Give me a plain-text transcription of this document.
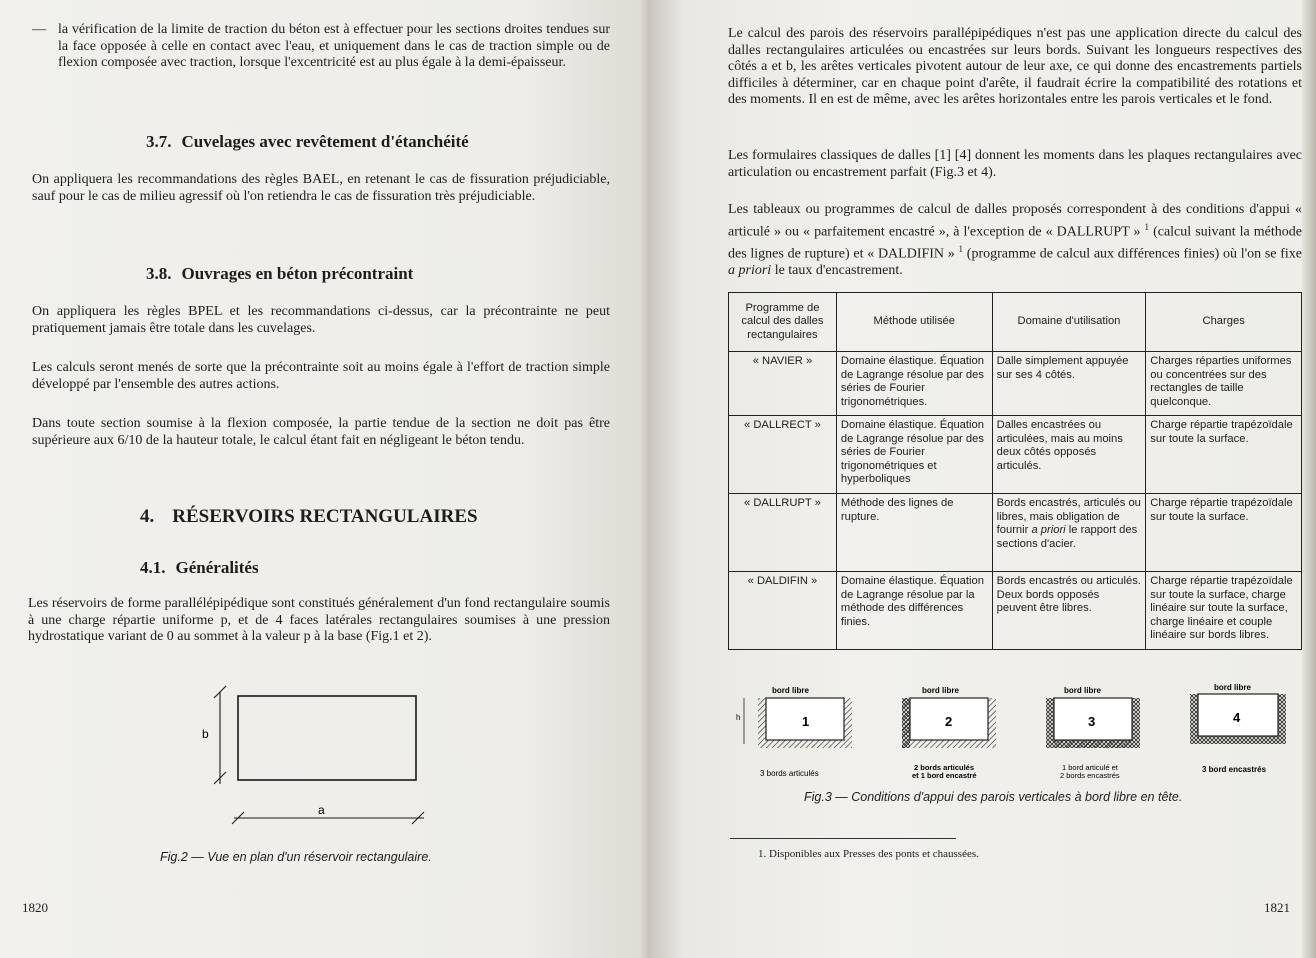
— la vérification de la limite de traction du béton est à effectuer pour les sections droites tendues sur la face opposée à celle en contact avec l'eau, et uniquement dans le cas de traction simple ou de flexion composée avec traction, lorsque l'excentricité est au plus égale à la demi-épaisseur.

3.7. Cuvelages avec revêtement d'étanchéité

On appliquera les recommandations des règles BAEL, en retenant le cas de fissuration préjudiciable, sauf pour le cas de milieu agressif où l'on retiendra le cas de fissuration très préjudiciable.

3.8. Ouvrages en béton précontraint

On appliquera les règles BPEL et les recommandations ci-dessus, car la précontrainte ne peut pratiquement jamais être totale dans les cuvelages.

Les calculs seront menés de sorte que la précontrainte soit au moins égale à l'effort de traction simple développé par l'ensemble des autres actions.

Dans toute section soumise à la flexion composée, la partie tendue de la section ne doit pas être supérieure aux 6/10 de la hauteur totale, le calcul étant fait en négligeant le béton tendu.

4. RÉSERVOIRS RECTANGULAIRES
4.1. Généralités

Les réservoirs de forme parallélépipédique sont constitués généralement d'un fond rectangulaire soumis à une charge répartie uniforme p, et de 4 faces latérales rectangulaires soumises à une pression hydrostatique variant de 0 au sommet à la valeur p à la base (Fig.1 et 2).

b
a
Fig.2 — Vue en plan d'un réservoir rectangulaire.
1820

Le calcul des parois des réservoirs parallépipédiques n'est pas une application directe du calcul des dalles rectangulaires articulées ou encastrées sur leurs bords. Suivant les longueurs respectives des côtés a et b, les arêtes verticales pivotent autour de leur axe, ce qui donne des encastrements partiels difficiles à déterminer, car en chaque point d'arête, il faudrait écrire la compatibilité des rotations et des moments. Il en est de même, avec les arêtes horizontales entre les parois verticales et le fond.

Les formulaires classiques de dalles [1] [4] donnent les moments dans les plaques rectangulaires avec articulation ou encastrement parfait (Fig.3 et 4).

Les tableaux ou programmes de calcul de dalles proposés correspondent à des conditions d'appui « articulé » ou « parfaitement encastré », à l'exception de « DALLRUPT » $^1$ (calcul suivant la méthode des lignes de rupture) et « DALDIFIN » $^1$ (programme de calcul aux différences finies) où l'on se fixe a priori le taux d'encastrement.

Programme de calcul des dalles rectangulaires	Méthode utilisée	Domaine d'utilisation	Charges
« NAVIER »	Domaine élastique. Équation de Lagrange résolue par des séries de Fourier trigonométriques.	Dalle simplement appuyée sur ses 4 côtés.	Charges réparties uniformes ou concentrées sur des rectangles de taille quelconque.
« DALLRECT »	Domaine élastique. Équation de Lagrange résolue par des séries de Fourier trigonométriques et hyperboliques	Dalles encastrées ou articulées, mais au moins deux côtés opposés articulés.	Charge répartie trapézoïdale sur toute la surface.
« DALLRUPT »	Méthode des lignes de rupture.	Bords encastrés, articulés ou libres, mais obligation de fournir a priori le rapport des sections d'acier.	Charge répartie trapézoïdale sur toute la surface.
« DALDIFIN »	Domaine élastique. Équation de Lagrange résolue par la méthode des différences finies.	Bords encastrés ou articulés. Deux bords opposés peuvent être libres.	Charge répartie trapézoïdale sur toute la surface, charge linéaire sur toute la surface, charge linéaire et couple linéaire sur bords libres.
bord libre
1
h
3 bords articulés
bord libre
2
2 bords articulés
et 1 bord encastré
bord libre
3
1 bord articulé et
2 bords encastrés
bord libre
4
3 bord encastrés
Fig.3 — Conditions d'appui des parois verticales à bord libre en tête.
1. Disponibles aux Presses des ponts et chaussées.
1821
